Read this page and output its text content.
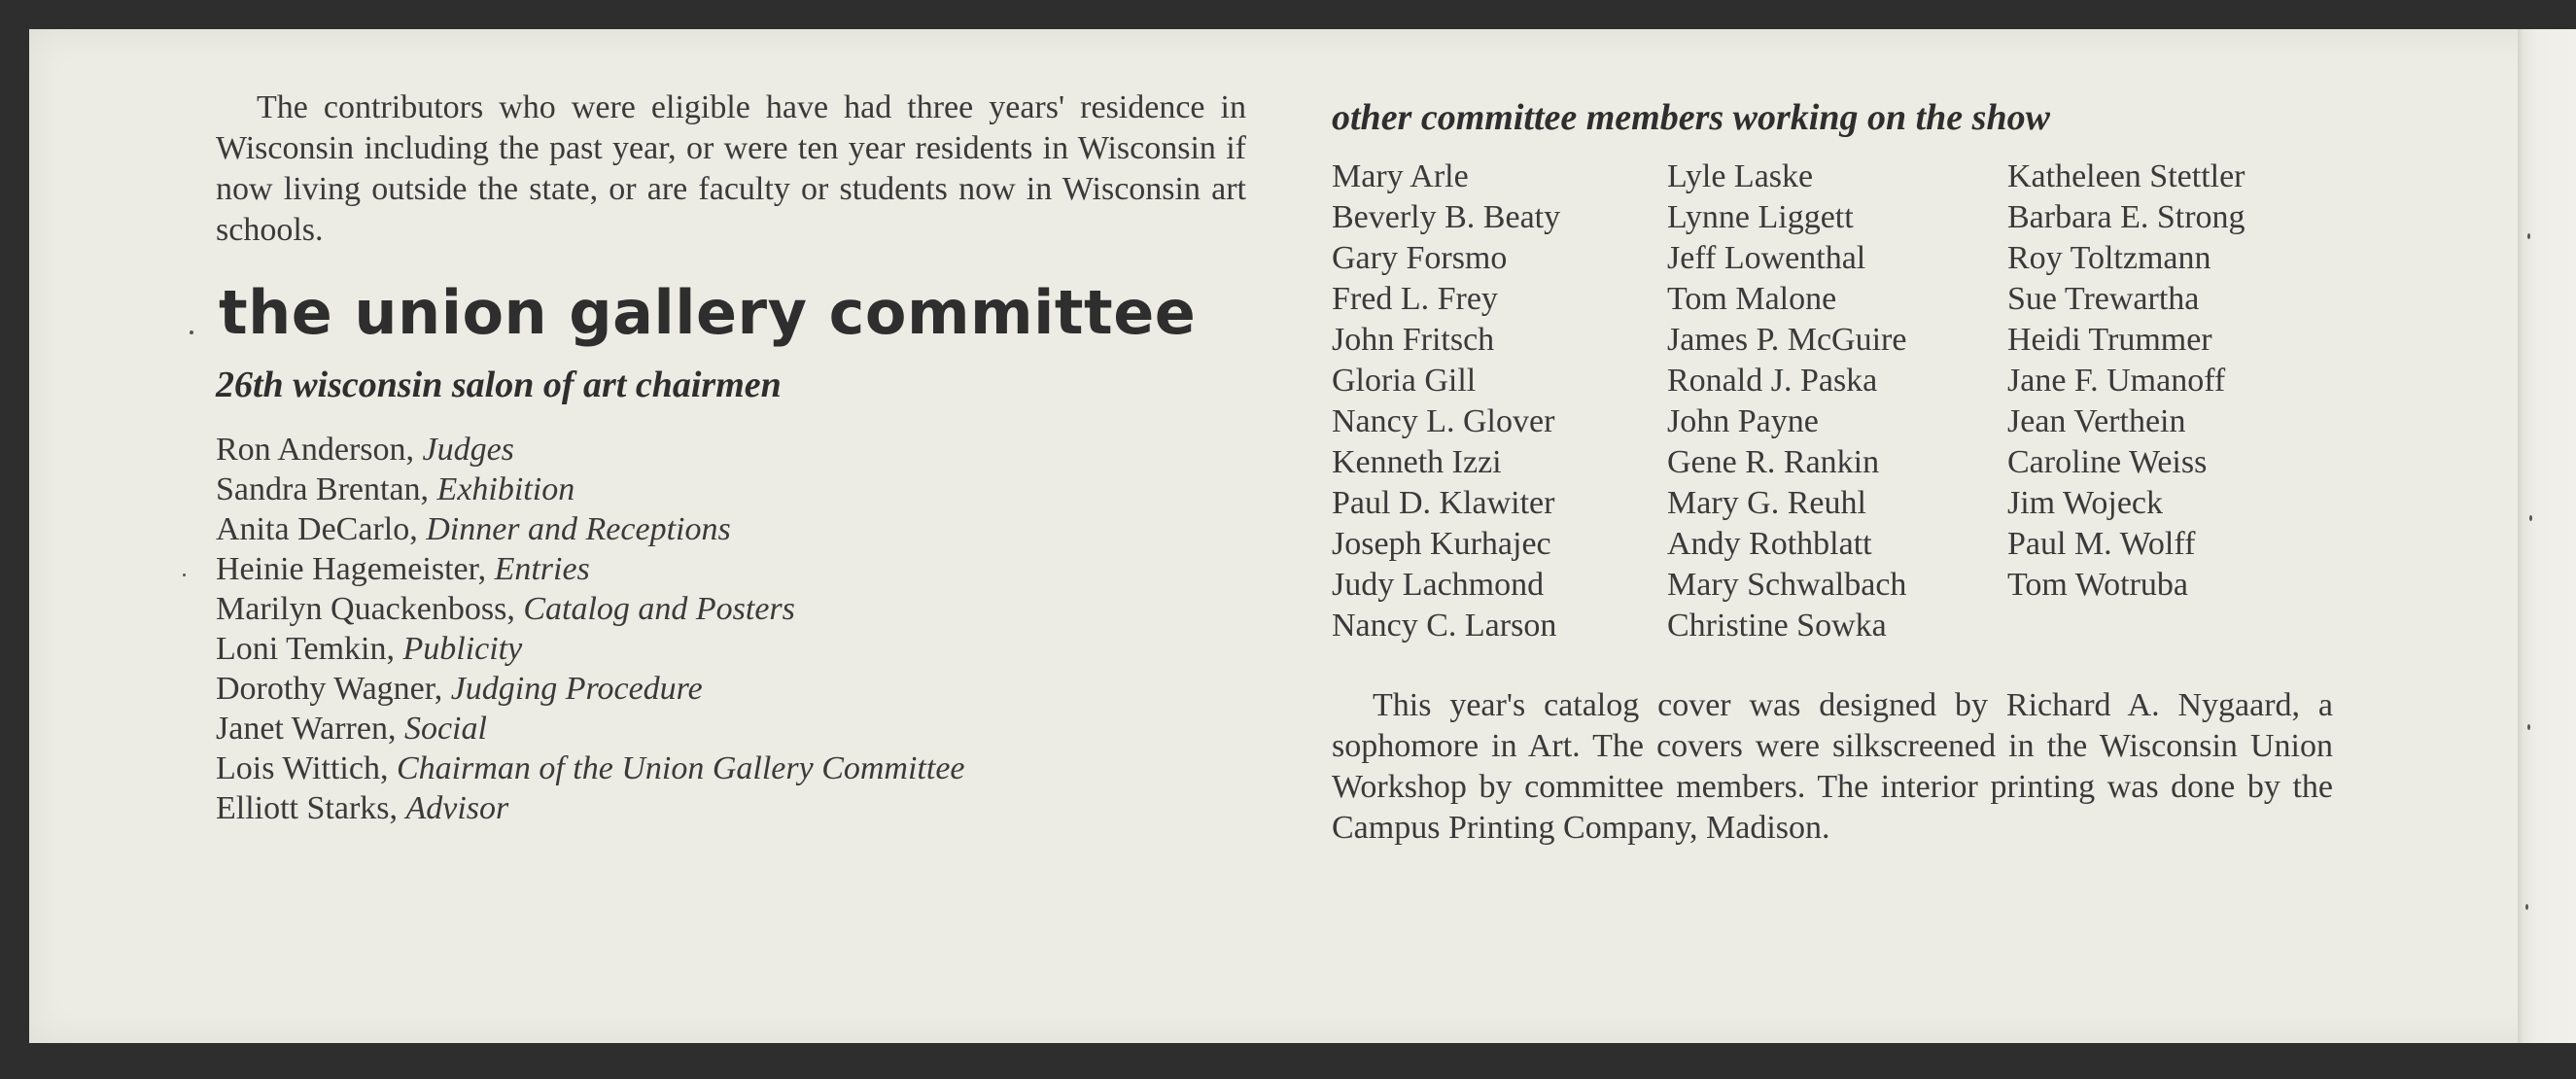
The contributors who were eligible have had three years' residence in Wisconsin including the past year, or were ten year residents in Wisconsin if now living outside the state, or are faculty or students now in Wisconsin art schools.

the union gallery committee
26th wisconsin salon of art chairmen
Ron Anderson, Judges
Sandra Brentan, Exhibition
Anita DeCarlo, Dinner and Receptions
Heinie Hagemeister, Entries
Marilyn Quackenboss, Catalog and Posters
Loni Temkin, Publicity
Dorothy Wagner, Judging Procedure
Janet Warren, Social
Lois Wittich, Chairman of the Union Gallery Committee
Elliott Starks, Advisor
other committee members working on the show
Mary Arle
Beverly B. Beaty
Gary Forsmo
Fred L. Frey
John Fritsch
Gloria Gill
Nancy L. Glover
Kenneth Izzi
Paul D. Klawiter
Joseph Kurhajec
Judy Lachmond
Nancy C. Larson
Lyle Laske
Lynne Liggett
Jeff Lowenthal
Tom Malone
James P. McGuire
Ronald J. Paska
John Payne
Gene R. Rankin
Mary G. Reuhl
Andy Rothblatt
Mary Schwalbach
Christine Sowka
Katheleen Stettler
Barbara E. Strong
Roy Toltzmann
Sue Trewartha
Heidi Trummer
Jane F. Umanoff
Jean Verthein
Caroline Weiss
Jim Wojeck
Paul M. Wolff
Tom Wotruba

This year's catalog cover was designed by Richard A. Nygaard, a sophomore in Art. The covers were silkscreened in the Wisconsin Union Workshop by committee members. The interior printing was done by the Campus Printing Company, Madison.
